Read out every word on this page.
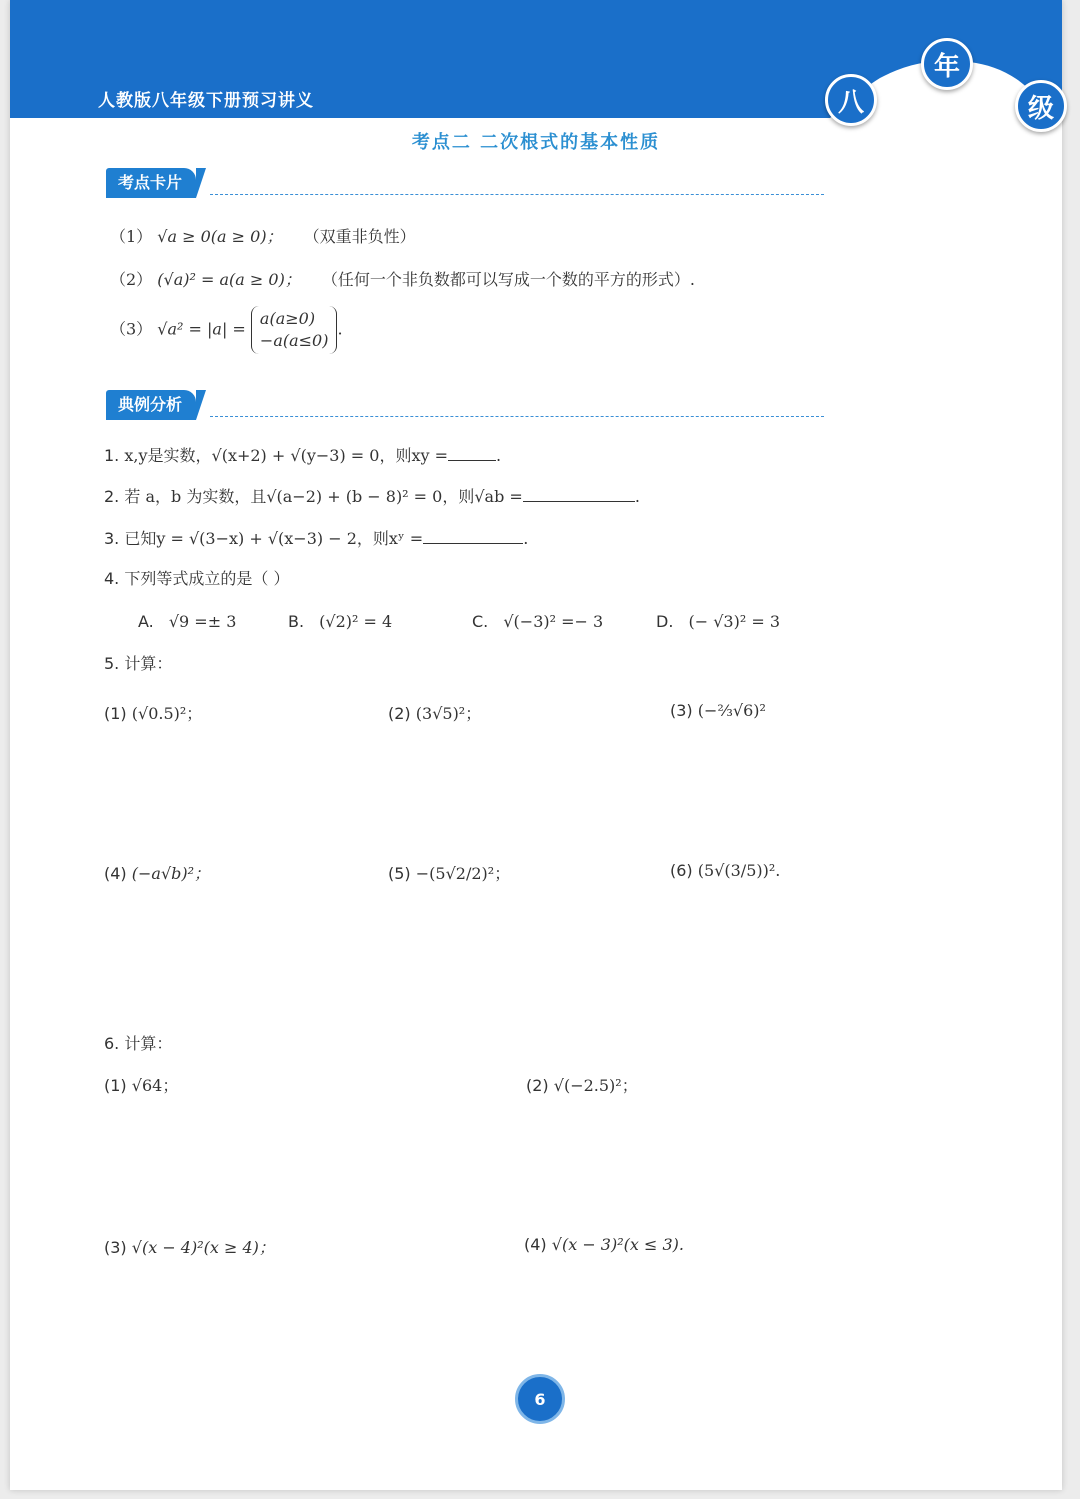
人教版八年级下册预习讲义	八
年
级
考点二 二次根式的基本性质
考点卡片
（1） √a ≥ 0(a ≥ 0)； （双重非负性）
（2） (√a)² = a(a ≥ 0)； （任何一个非负数都可以写成一个数的平方的形式）.
（3） √a² = |a| =
a(a≥0)
−a(a≤0)
.
典例分析
1. x,y是实数，√(x+2) + √(y−3) = 0，则xy =	.
2. 若 a，b 为实数，且√(a−2) + (b − 8)² = 0，则√ab =	.
3. 已知y = √(3−x) + √(x−3) − 2，则xʸ =	.
4. 下列等式成立的是（ ）
A. √9 =± 3	B. (√2)² = 4	C. √(−3)² =− 3	D. (− √3)² = 3
5. 计算：
(1) (√0.5)²；	(2) (3√5)²；	(3) (−⅔√6)²
(4) (−a√b)²；	(5) −(5√2/2)²；	(6) (5√(3/5))².
6. 计算：
(1) √64；	(2) √(−2.5)²；
(3) √(x − 4)²(x ≥ 4)；	(4) √(x − 3)²(x ≤ 3).
6
